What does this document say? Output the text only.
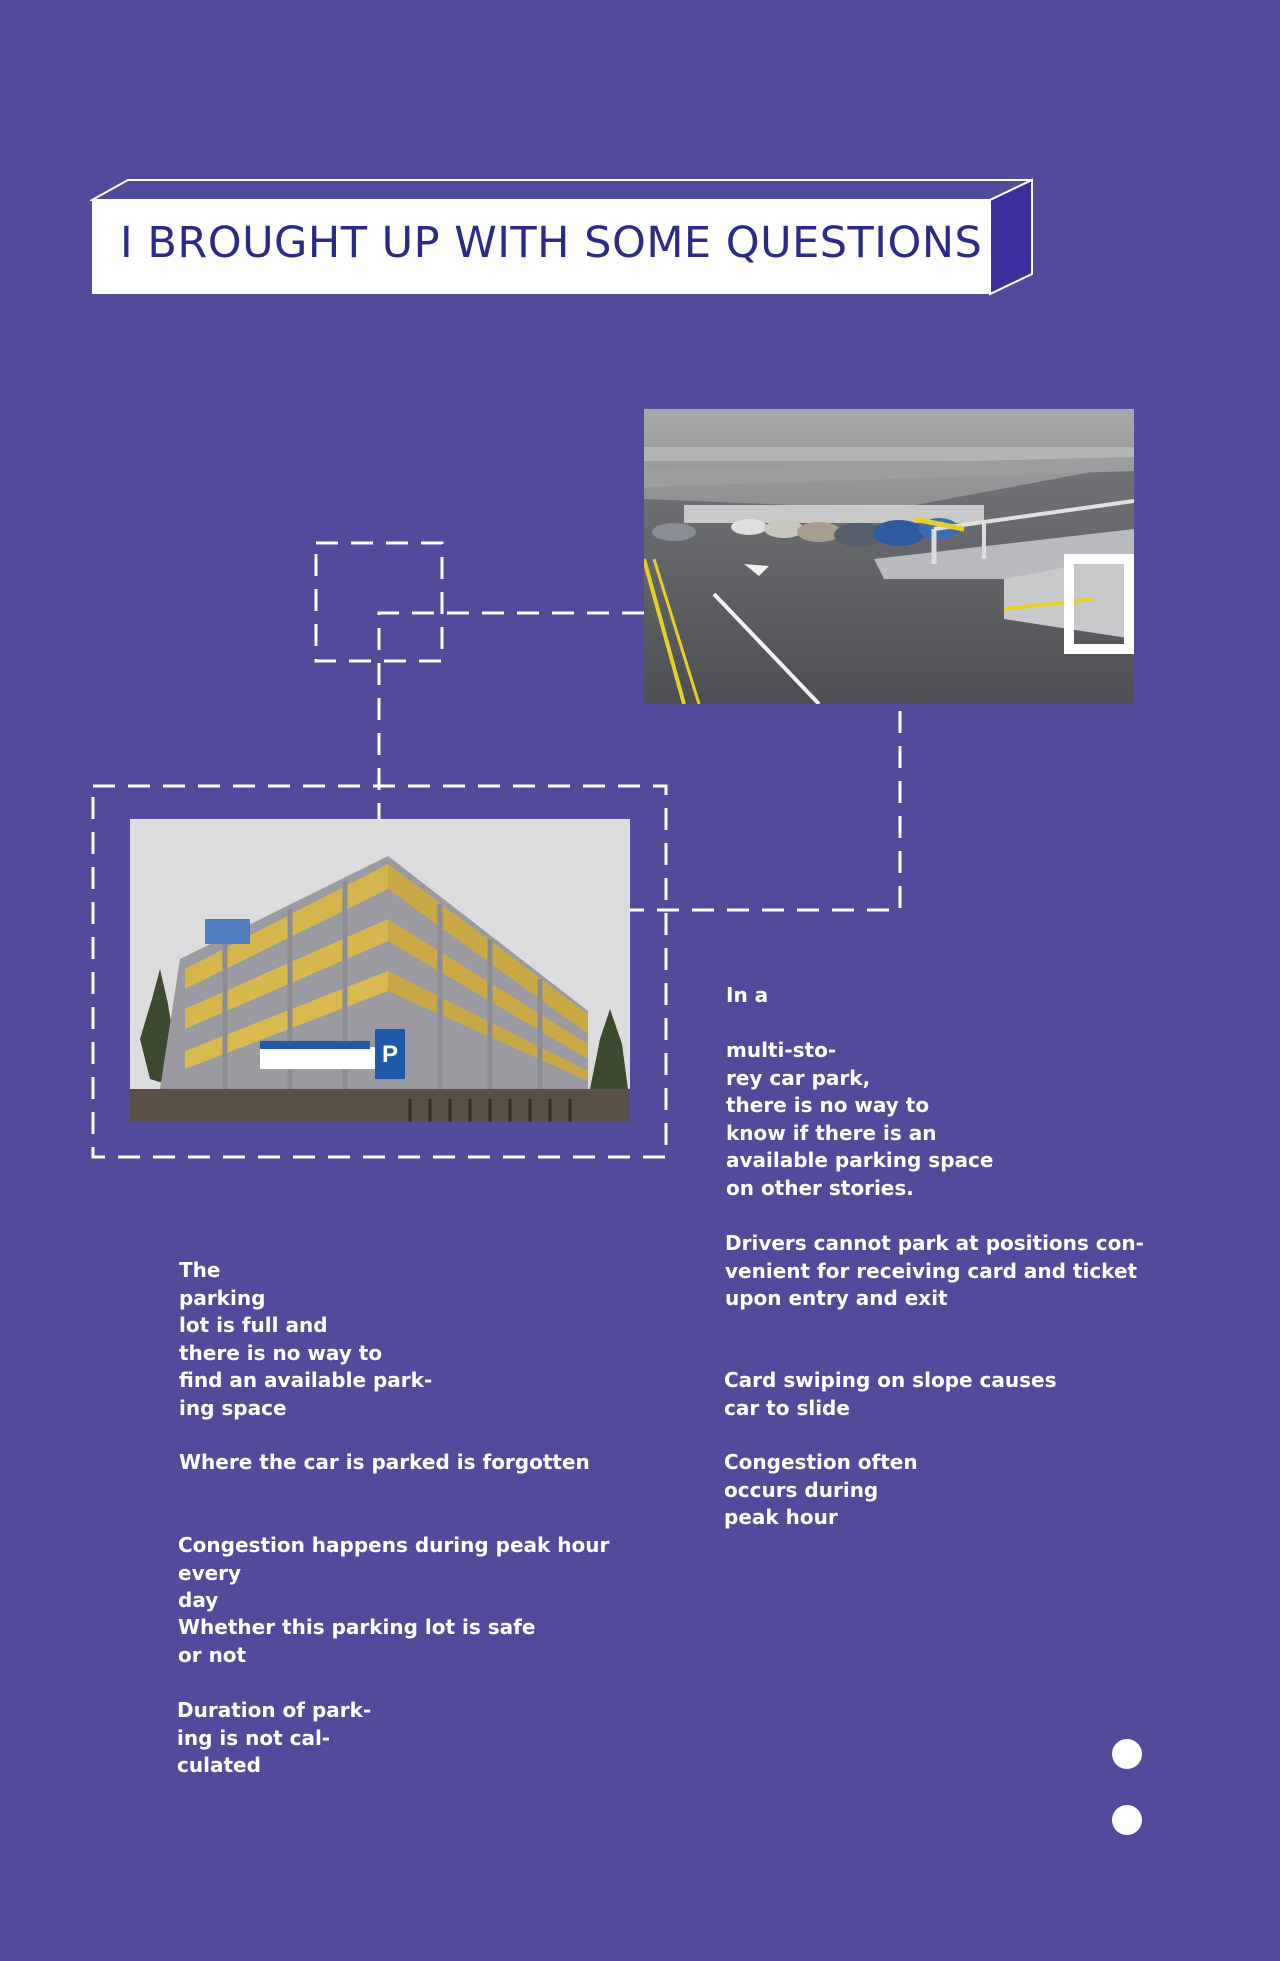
I BROUGHT UP WITH SOME QUESTIONS
P
In a

multi-sto-
rey car park,
there is no way to
know if there is an
available parking space
on other stories.
Drivers cannot park at positions con-
venient for receiving card and ticket
upon entry and exit
Card swiping on slope causes
car to slide
Congestion often
occurs during
peak hour
The
parking
lot is full and
there is no way to
find an available park-
ing space
Where the car is parked is forgotten
Congestion happens during peak hour every
day
Whether this parking lot is safe
or not
Duration of park-
ing is not cal-
culated
